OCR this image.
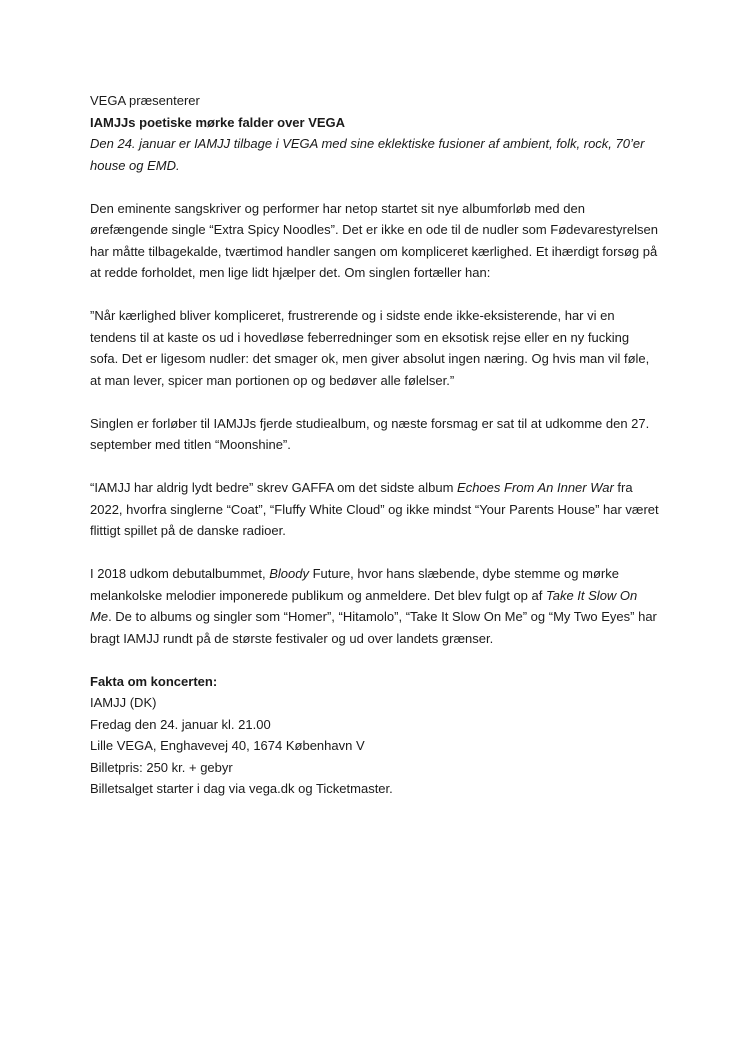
VEGA præsenterer
IAMJJs poetiske mørke falder over VEGA
Den 24. januar er IAMJJ tilbage i VEGA med sine eklektiske fusioner af ambient, folk, rock, 70’er house og EMD.

Den eminente sangskriver og performer har netop startet sit nye albumforløb med den ørefængende single “Extra Spicy Noodles”. Det er ikke en ode til de nudler som Fødevarestyrelsen har måtte tilbagekalde, tværtimod handler sangen om kompliceret kærlighed. Et ihærdigt forsøg på at redde forholdet, men lige lidt hjælper det. Om singlen fortæller han:

”Når kærlighed bliver kompliceret, frustrerende og i sidste ende ikke-eksisterende, har vi en tendens til at kaste os ud i hovedløse feberredninger som en eksotisk rejse eller en ny fucking sofa. Det er ligesom nudler: det smager ok, men giver absolut ingen næring. Og hvis man vil føle, at man lever, spicer man portionen op og bedøver alle følelser.”

Singlen er forløber til IAMJJs fjerde studiealbum, og næste forsmag er sat til at udkomme den 27. september med titlen “Moonshine”.

“IAMJJ har aldrig lydt bedre” skrev GAFFA om det sidste album Echoes From An Inner War fra 2022, hvorfra singlerne “Coat”, “Fluffy White Cloud” og ikke mindst “Your Parents House” har været flittigt spillet på de danske radioer.

I 2018 udkom debutalbummet, Bloody Future, hvor hans slæbende, dybe stemme og mørke melankolske melodier imponerede publikum og anmeldere. Det blev fulgt op af Take It Slow On Me. De to albums og singler som “Homer”, “Hitamolo”, “Take It Slow On Me” og “My Two Eyes” har bragt IAMJJ rundt på de største festivaler og ud over landets grænser.

Fakta om koncerten:
IAMJJ (DK)
Fredag den 24. januar kl. 21.00
Lille VEGA, Enghavevej 40, 1674 København V
Billetpris: 250 kr. + gebyr
Billetsalget starter i dag via vega.dk og Ticketmaster.
